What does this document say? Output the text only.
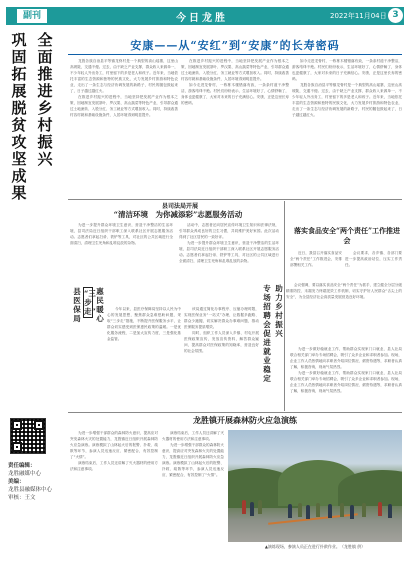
副刊	今日龙胜	2022年11月04日 3
巩固拓展脱贫攻坚成果
全面推进乡村振兴
责任编辑：
龙胜融媒中心
美编：
龙胜县融媒体中心
审核：王文
安康——从“安红”到“安康”的长寿密码

龙胜各族自治县平等镇龙脊村是一个典型的高山瑶寨，这里山高坡陡，交通不便。过去，由于缺乏产业支撑，群众收入来源单一，不少年轻人外出务工，村里留下的多是老人和孩子。近年来，当地依托丰富的生态资源和独特的民族文化，大力发展乡村旅游和特色农业，走出了一条生态与经济协调发展的新路子，村民的腰包鼓起来了，日子越过越红火。

在推进乡村振兴的进程中，当地坚持把发展产业作为根本之策，因地制宜发展茶叶、罗汉果、高山蔬菜等特色产业，引导群众通过土地流转、入股分红、务工就业等方式增加收入。同时，持续改善村容村貌和基础设施条件，人居环境得到明显提升。

在推进乡村振兴的进程中，当地坚持把发展产业作为根本之策，因地制宜发展茶叶、罗汉果、高山蔬菜等特色产业，引导群众通过土地流转、入股分红、务工就业等方式增加收入。同时，持续改善村容村貌和基础设施条件，人居环境得到明显提升。

如今走进龙脊村，一栋栋木楼错落有致，一条条村道干净整洁，游客络绎不绝。村民们纷纷表示，生活环境好了，心情舒畅了，身体也更健康了，大家对未来的日子充满信心。安康，正是这里长寿的密码。

如今走进龙脊村，一栋栋木楼错落有致，一条条村道干净整洁，游客络绎不绝。村民们纷纷表示，生活环境好了，心情舒畅了，身体也更健康了，大家对未来的日子充满信心。安康，正是这里长寿的密码。

龙胜各族自治县平等镇龙脊村是一个典型的高山瑶寨，这里山高坡陡，交通不便。过去，由于缺乏产业支撑，群众收入来源单一，不少年轻人外出务工，村里留下的多是老人和孩子。近年来，当地依托丰富的生态资源和独特的民族文化，大力发展乡村旅游和特色农业，走出了一条生态与经济协调发展的新路子，村民的腰包鼓起来了，日子越过越红火。

县司法局开展
“清洁环境　为你减添彩”志愿服务活动

为进一步提升群众环境卫生意识，营造干净整洁的生活环境，县司法局近日组织干部职工深入联系社区开展志愿服务活动。志愿者们拿起扫帚、铁铲等工具，对社区的公共区域进行全面清扫，清理卫生死角和乱堆乱放的杂物。

活动中，志愿者还向居民宣传环境卫生知识和法律法规，引导群众养成良好的卫生习惯，共同维护美好家园。此次活动得到了社区居民的一致好评。

为进一步提升群众环境卫生意识，营造干净整洁的生活环境，县司法局近日组织干部职工深入联系社区开展志愿服务活动。志愿者们拿起扫帚、铁铲等工具，对社区的公共区域进行全面清扫，清理卫生死角和乱堆乱放的杂物。

县医保局
“三步走”
惠民暖心

今年以来，县医疗保障局坚持以人民为中心的发展思想，聚焦群众急难愁盼问题，采取“三步走”措施，不断提升医保服务水平，让群众切实感受到医保惠民政策的温暖。一是优化服务流程，二是加大宣传力度，三是强化基金监管。

该局通过简化办事程序、压缩办理时限，实现医保业务“一站式”办理，让数据多跑路、群众少跑腿，切实解决群众办事难问题，推动医保服务提质增效。

同时，组织工作人员深入乡镇、村屯开展医保政策宣传，发放宣传资料，解答群众疑问，提高群众对医保政策的知晓率，营造良好的社会氛围。

落实食品安全“两个责任”工作推进会

近日，我县召开落实食品安全“两个责任”工作推进会，安排部署相关工作。

会议要求，各乡镇、各部门要进一步提高政治站位，压实工作责任。

会议强调，要以落实食品安全“两个责任”为抓手，建立健全分层分级精准防控、末端发力终端见效工作机制，切实守护好人民群众“舌尖上的安全”，为全县经济社会高质量发展营造良好环境。

专场招聘会促进就业稳定
助力乡村振兴

为进一步做好稳就业工作，帮助群众实现家门口就业，县人社局联合相关部门举办专场招聘会，吸引了众多企业和求职者参加。现场，企业工作人员热情地向求职者介绍岗位情况、薪资待遇等，求职者认真了解，积极咨询，现场气氛热烈。

为进一步做好稳就业工作，帮助群众实现家门口就业，县人社局联合相关部门举办专场招聘会，吸引了众多企业和求职者参加。现场，企业工作人员热情地向求职者介绍岗位情况、薪资待遇等，求职者认真了解，积极咨询，现场气氛热烈。

龙胜镇开展森林防火应急演练

为进一步增强干部群众的森林防火意识，提高应对突发森林火灾的处置能力，龙胜镇近日组织开展森林防火应急演练。演练模拟了山林起火后的报警、扑救、疏散等环节，参演人员迅速反应、紧密配合，有效控制了“火情”。

演练结束后，工作人员还讲解了灭火器材的使用方法和注意事项。

演练结束后，工作人员还讲解了灭火器材的使用方法和注意事项。

为进一步增强干部群众的森林防火意识，提高应对突发森林火灾的处置能力，龙胜镇近日组织开展森林防火应急演练。演练模拟了山林起火后的报警、扑救、疏散等环节，参演人员迅速反应、紧密配合，有效控制了“火情”。

▲演练现场，参演人员正在进行扑救作业。（龙胜镇 供）
